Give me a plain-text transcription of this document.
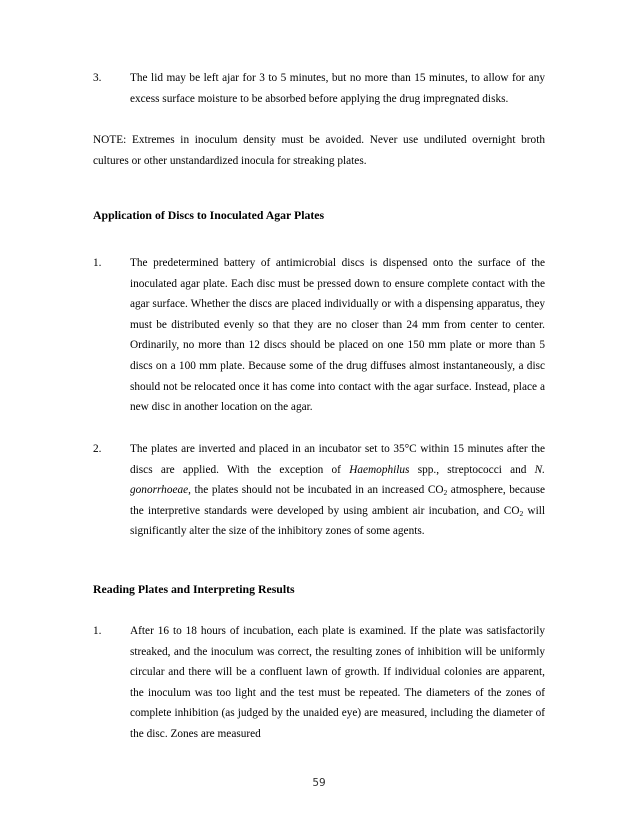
3.	The lid may be left ajar for 3 to 5 minutes, but no more than 15 minutes, to allow for any excess surface moisture to be absorbed before applying the drug impregnated disks.
NOTE: Extremes in inoculum density must be avoided. Never use undiluted overnight broth cultures or other unstandardized inocula for streaking plates.
Application of Discs to Inoculated Agar Plates
1.	The predetermined battery of antimicrobial discs is dispensed onto the surface of the inoculated agar plate. Each disc must be pressed down to ensure complete contact with the agar surface. Whether the discs are placed individually or with a dispensing apparatus, they must be distributed evenly so that they are no closer than 24 mm from center to center. Ordinarily, no more than 12 discs should be placed on one 150 mm plate or more than 5 discs on a 100 mm plate. Because some of the drug diffuses almost instantaneously, a disc should not be relocated once it has come into contact with the agar surface. Instead, place a new disc in another location on the agar.
2.	The plates are inverted and placed in an incubator set to 35°C within 15 minutes after the discs are applied. With the exception of Haemophilus spp., streptococci and N. gonorrhoeae, the plates should not be incubated in an increased $CO_2$ atmosphere, because the interpretive standards were developed by using ambient air incubation, and $CO_2$ will significantly alter the size of the inhibitory zones of some agents.
Reading Plates and Interpreting Results
1.	After 16 to 18 hours of incubation, each plate is examined. If the plate was satisfactorily streaked, and the inoculum was correct, the resulting zones of inhibition will be uniformly circular and there will be a confluent lawn of growth. If individual colonies are apparent, the inoculum was too light and the test must be repeated. The diameters of the zones of complete inhibition (as judged by the unaided eye) are measured, including the diameter of the disc. Zones are measured
59
